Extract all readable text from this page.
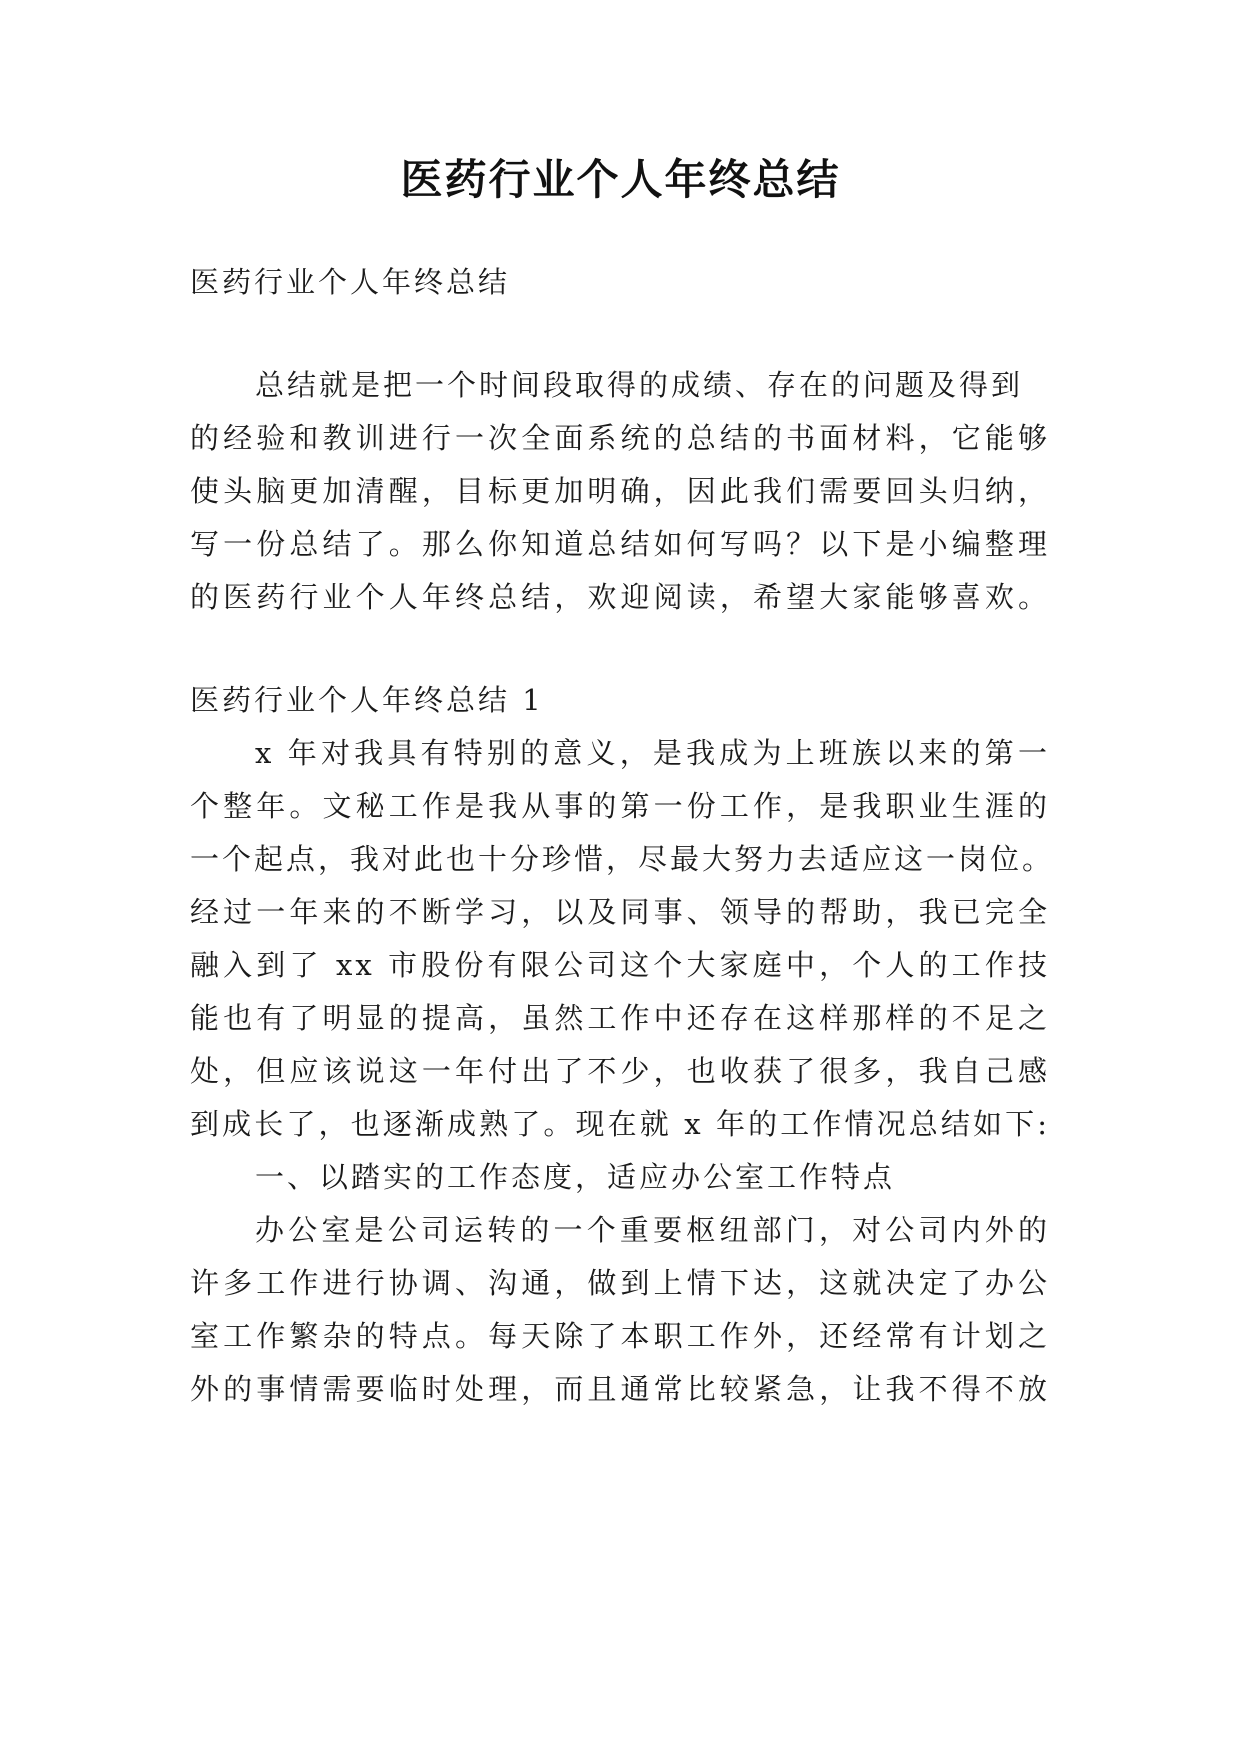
医药行业个人年终总结

医药行业个人年终总结

总结就是把一个时间段取得的成绩、存在的问题及得到

的经验和教训进行一次全面系统的总结的书面材料，它能够

使头脑更加清醒，目标更加明确，因此我们需要回头归纳，

写一份总结了。那么你知道总结如何写吗？以下是小编整理

的医药行业个人年终总结，欢迎阅读，希望大家能够喜欢。

医药行业个人年终总结 1

x 年对我具有特别的意义，是我成为上班族以来的第一

个整年。文秘工作是我从事的第一份工作，是我职业生涯的

一个起点，我对此也十分珍惜，尽最大努力去适应这一岗位。

经过一年来的不断学习，以及同事、领导的帮助，我已完全

融入到了 xx 市股份有限公司这个大家庭中，个人的工作技

能也有了明显的提高，虽然工作中还存在这样那样的不足之

处，但应该说这一年付出了不少，也收获了很多，我自己感

到成长了，也逐渐成熟了。现在就 x 年的工作情况总结如下:

一、以踏实的工作态度，适应办公室工作特点

办公室是公司运转的一个重要枢纽部门，对公司内外的

许多工作进行协调、沟通，做到上情下达，这就决定了办公

室工作繁杂的特点。每天除了本职工作外，还经常有计划之

外的事情需要临时处理，而且通常比较紧急，让我不得不放
